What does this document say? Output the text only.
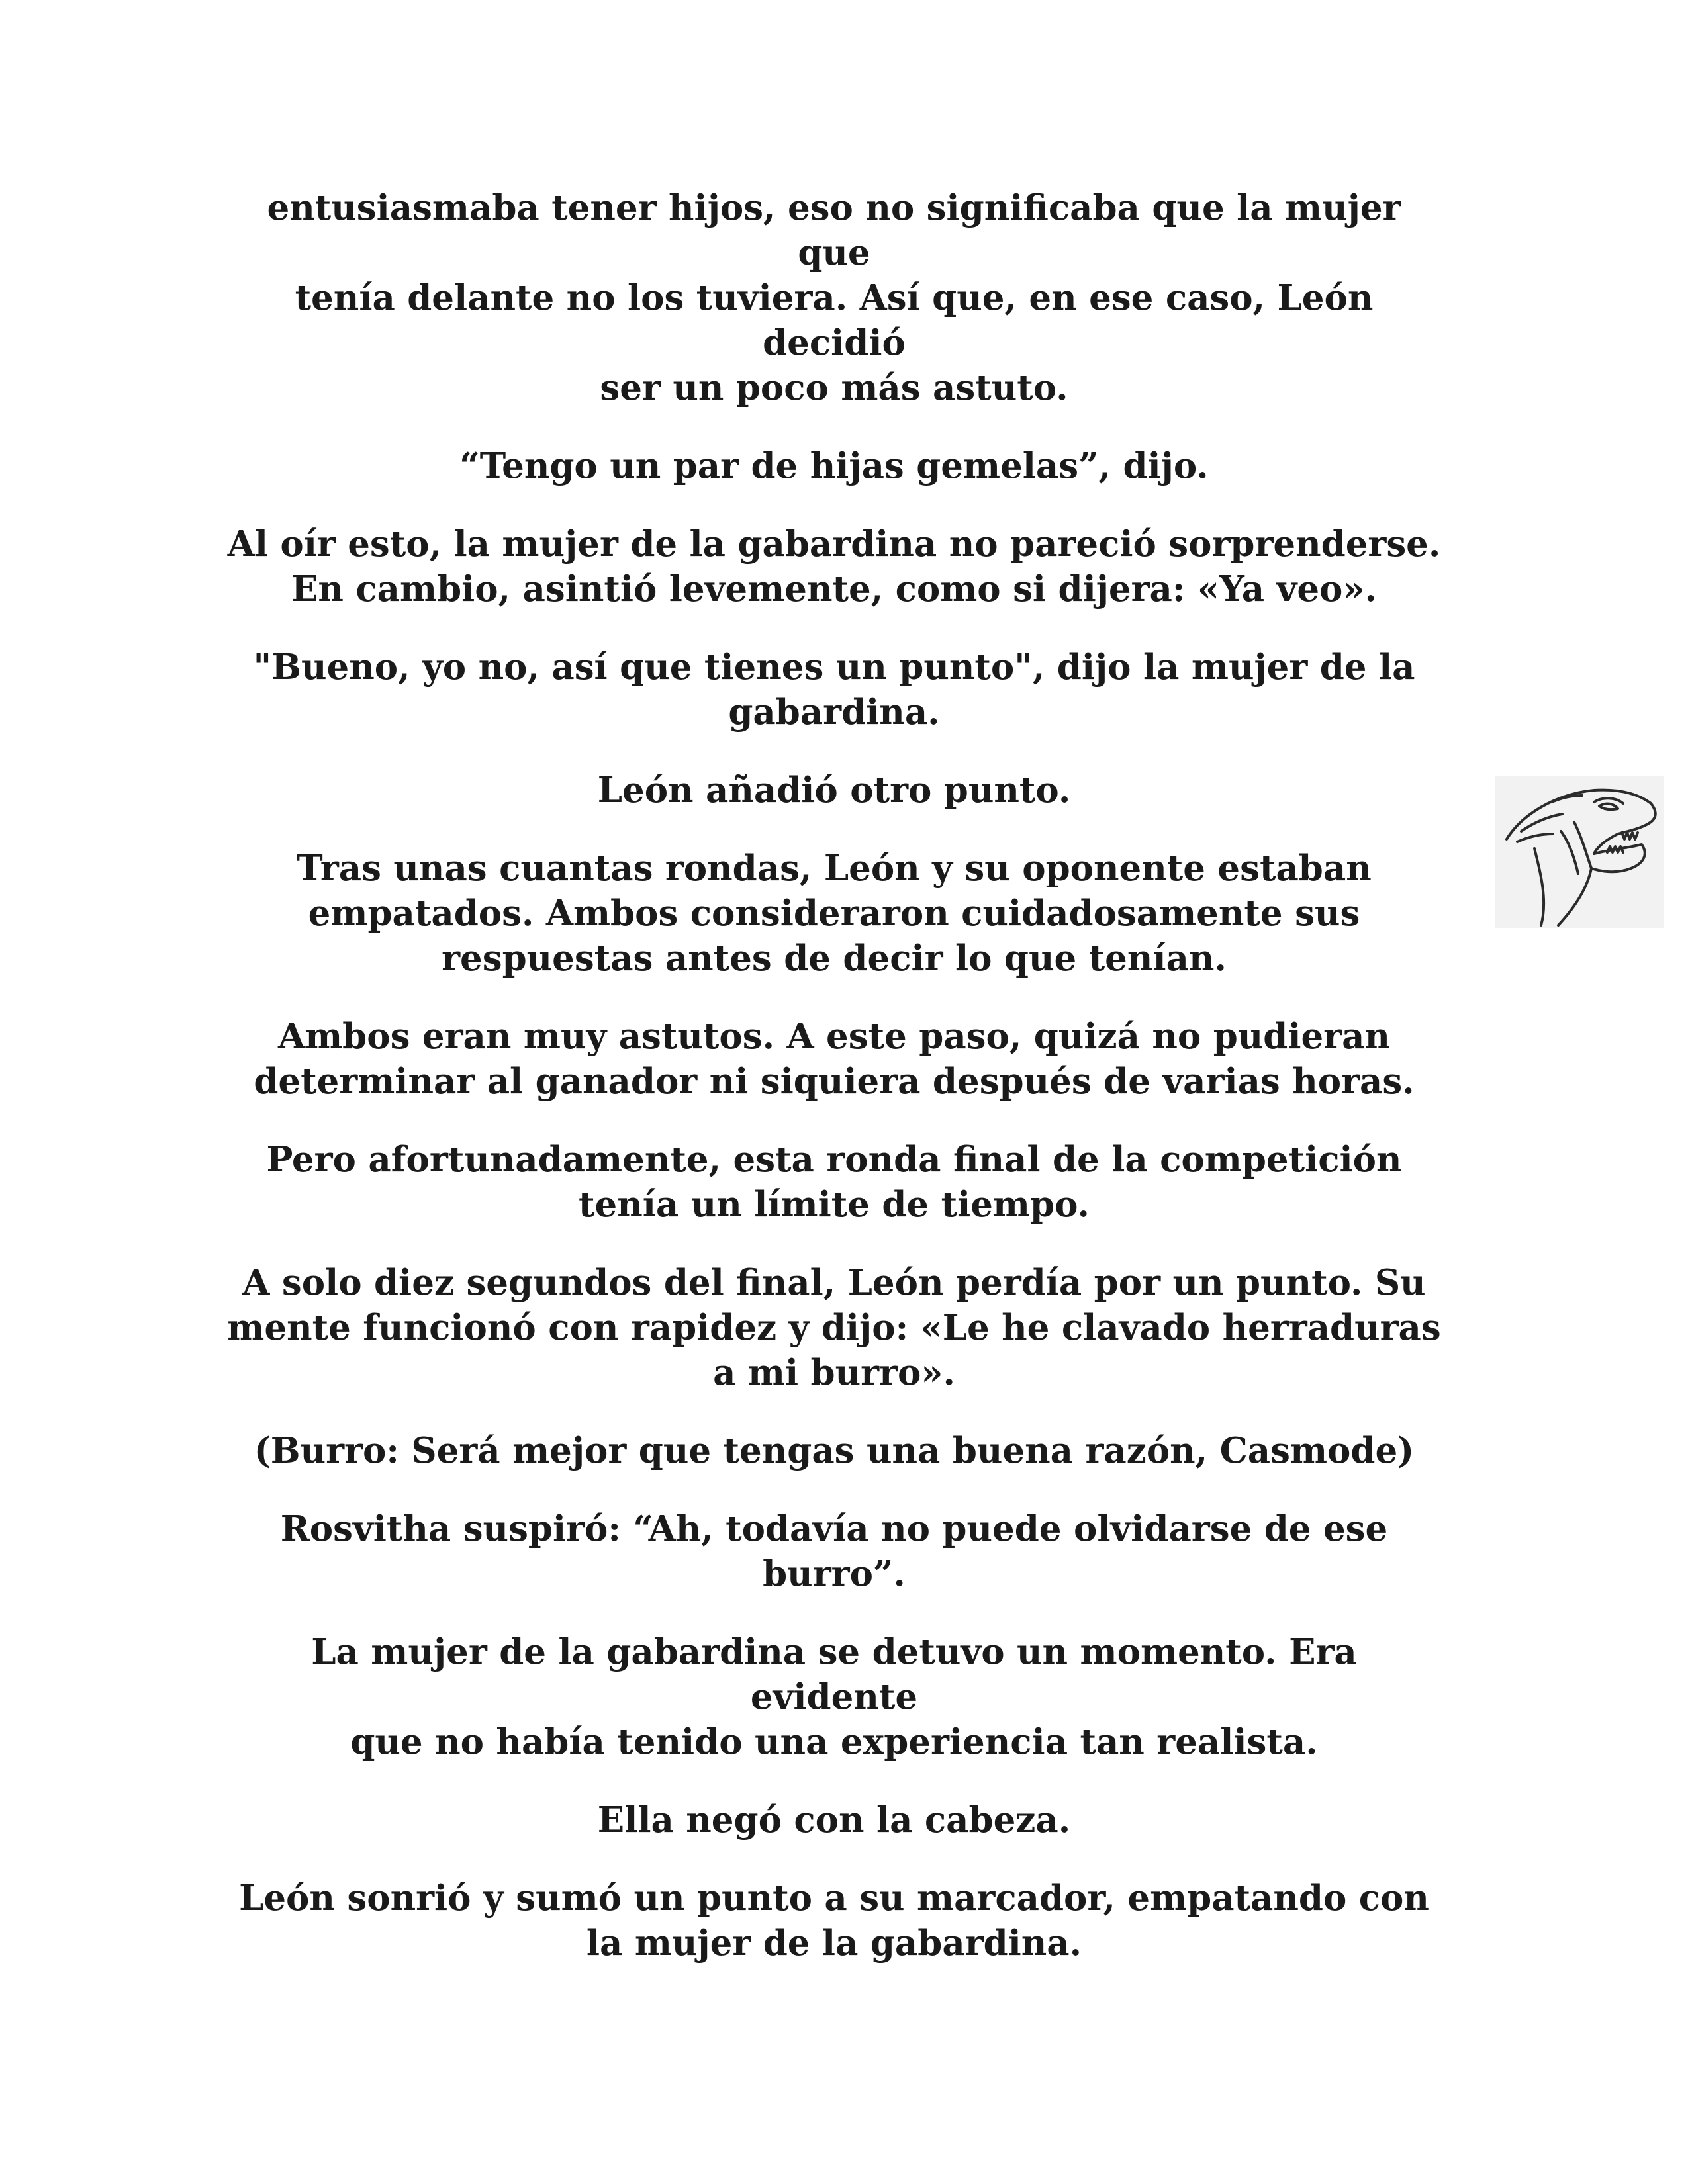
entusiasmaba tener hijos, eso no significaba que la mujer que
tenía delante no los tuviera. Así que, en ese caso, León decidió
ser un poco más astuto.

“Tengo un par de hijas gemelas”, dijo.

Al oír esto, la mujer de la gabardina no pareció sorprenderse.
En cambio, asintió levemente, como si dijera: «Ya veo».

"Bueno, yo no, así que tienes un punto", dijo la mujer de la
gabardina.

León añadió otro punto.

Tras unas cuantas rondas, León y su oponente estaban
empatados. Ambos consideraron cuidadosamente sus
respuestas antes de decir lo que tenían.

Ambos eran muy astutos. A este paso, quizá no pudieran
determinar al ganador ni siquiera después de varias horas.

Pero afortunadamente, esta ronda final de la competición
tenía un límite de tiempo.

A solo diez segundos del final, León perdía por un punto. Su
mente funcionó con rapidez y dijo: «Le he clavado herraduras
a mi burro».

(Burro: Será mejor que tengas una buena razón, Casmode)

Rosvitha suspiró: “Ah, todavía no puede olvidarse de ese
burro”.

La mujer de la gabardina se detuvo un momento. Era evidente
que no había tenido una experiencia tan realista.

Ella negó con la cabeza.

León sonrió y sumó un punto a su marcador, empatando con
la mujer de la gabardina.
